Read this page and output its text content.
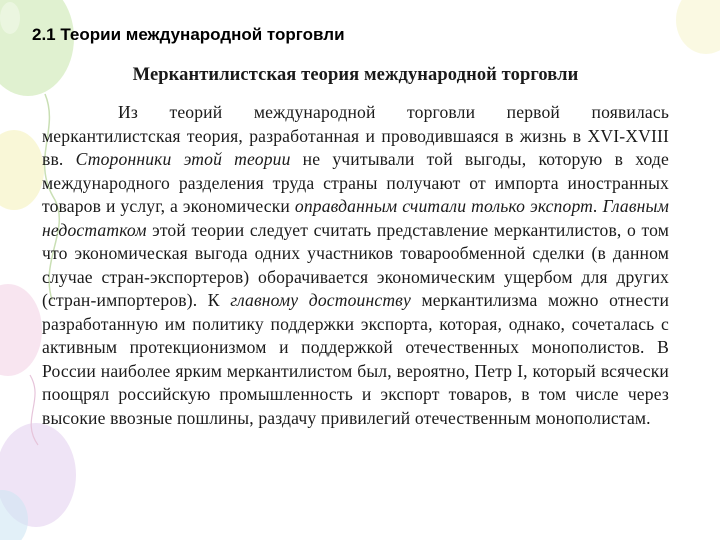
2.1 Теории международной торговли
Меркантилистская теория международной торговли

Из теорий международной торговли первой появилась меркантилистская теория, разработанная и проводившаяся в жизнь в XVI-XVIII вв. Сторонники этой теории не учитывали той выгоды, которую в ходе международного разделения труда страны получают от импорта иностранных товаров и услуг, а экономически оправданным считали только экспорт. Главным недостатком этой теории следует считать представление меркантилистов, о том что экономическая выгода одних участников товарообменной сделки (в данном случае стран-экспортеров) оборачивается экономическим ущербом для других (стран-импортеров). К главному достоинству меркантилизма можно отнести разработанную им политику поддержки экспорта, которая, однако, сочеталась с активным протекционизмом и поддержкой отечественных монополистов. В России наиболее ярким меркантилистом был, вероятно, Петр I, который всячески поощрял российскую промышленность и экспорт товаров, в том числе через высокие ввозные пошлины, раздачу привилегий отечественным монополистам.
